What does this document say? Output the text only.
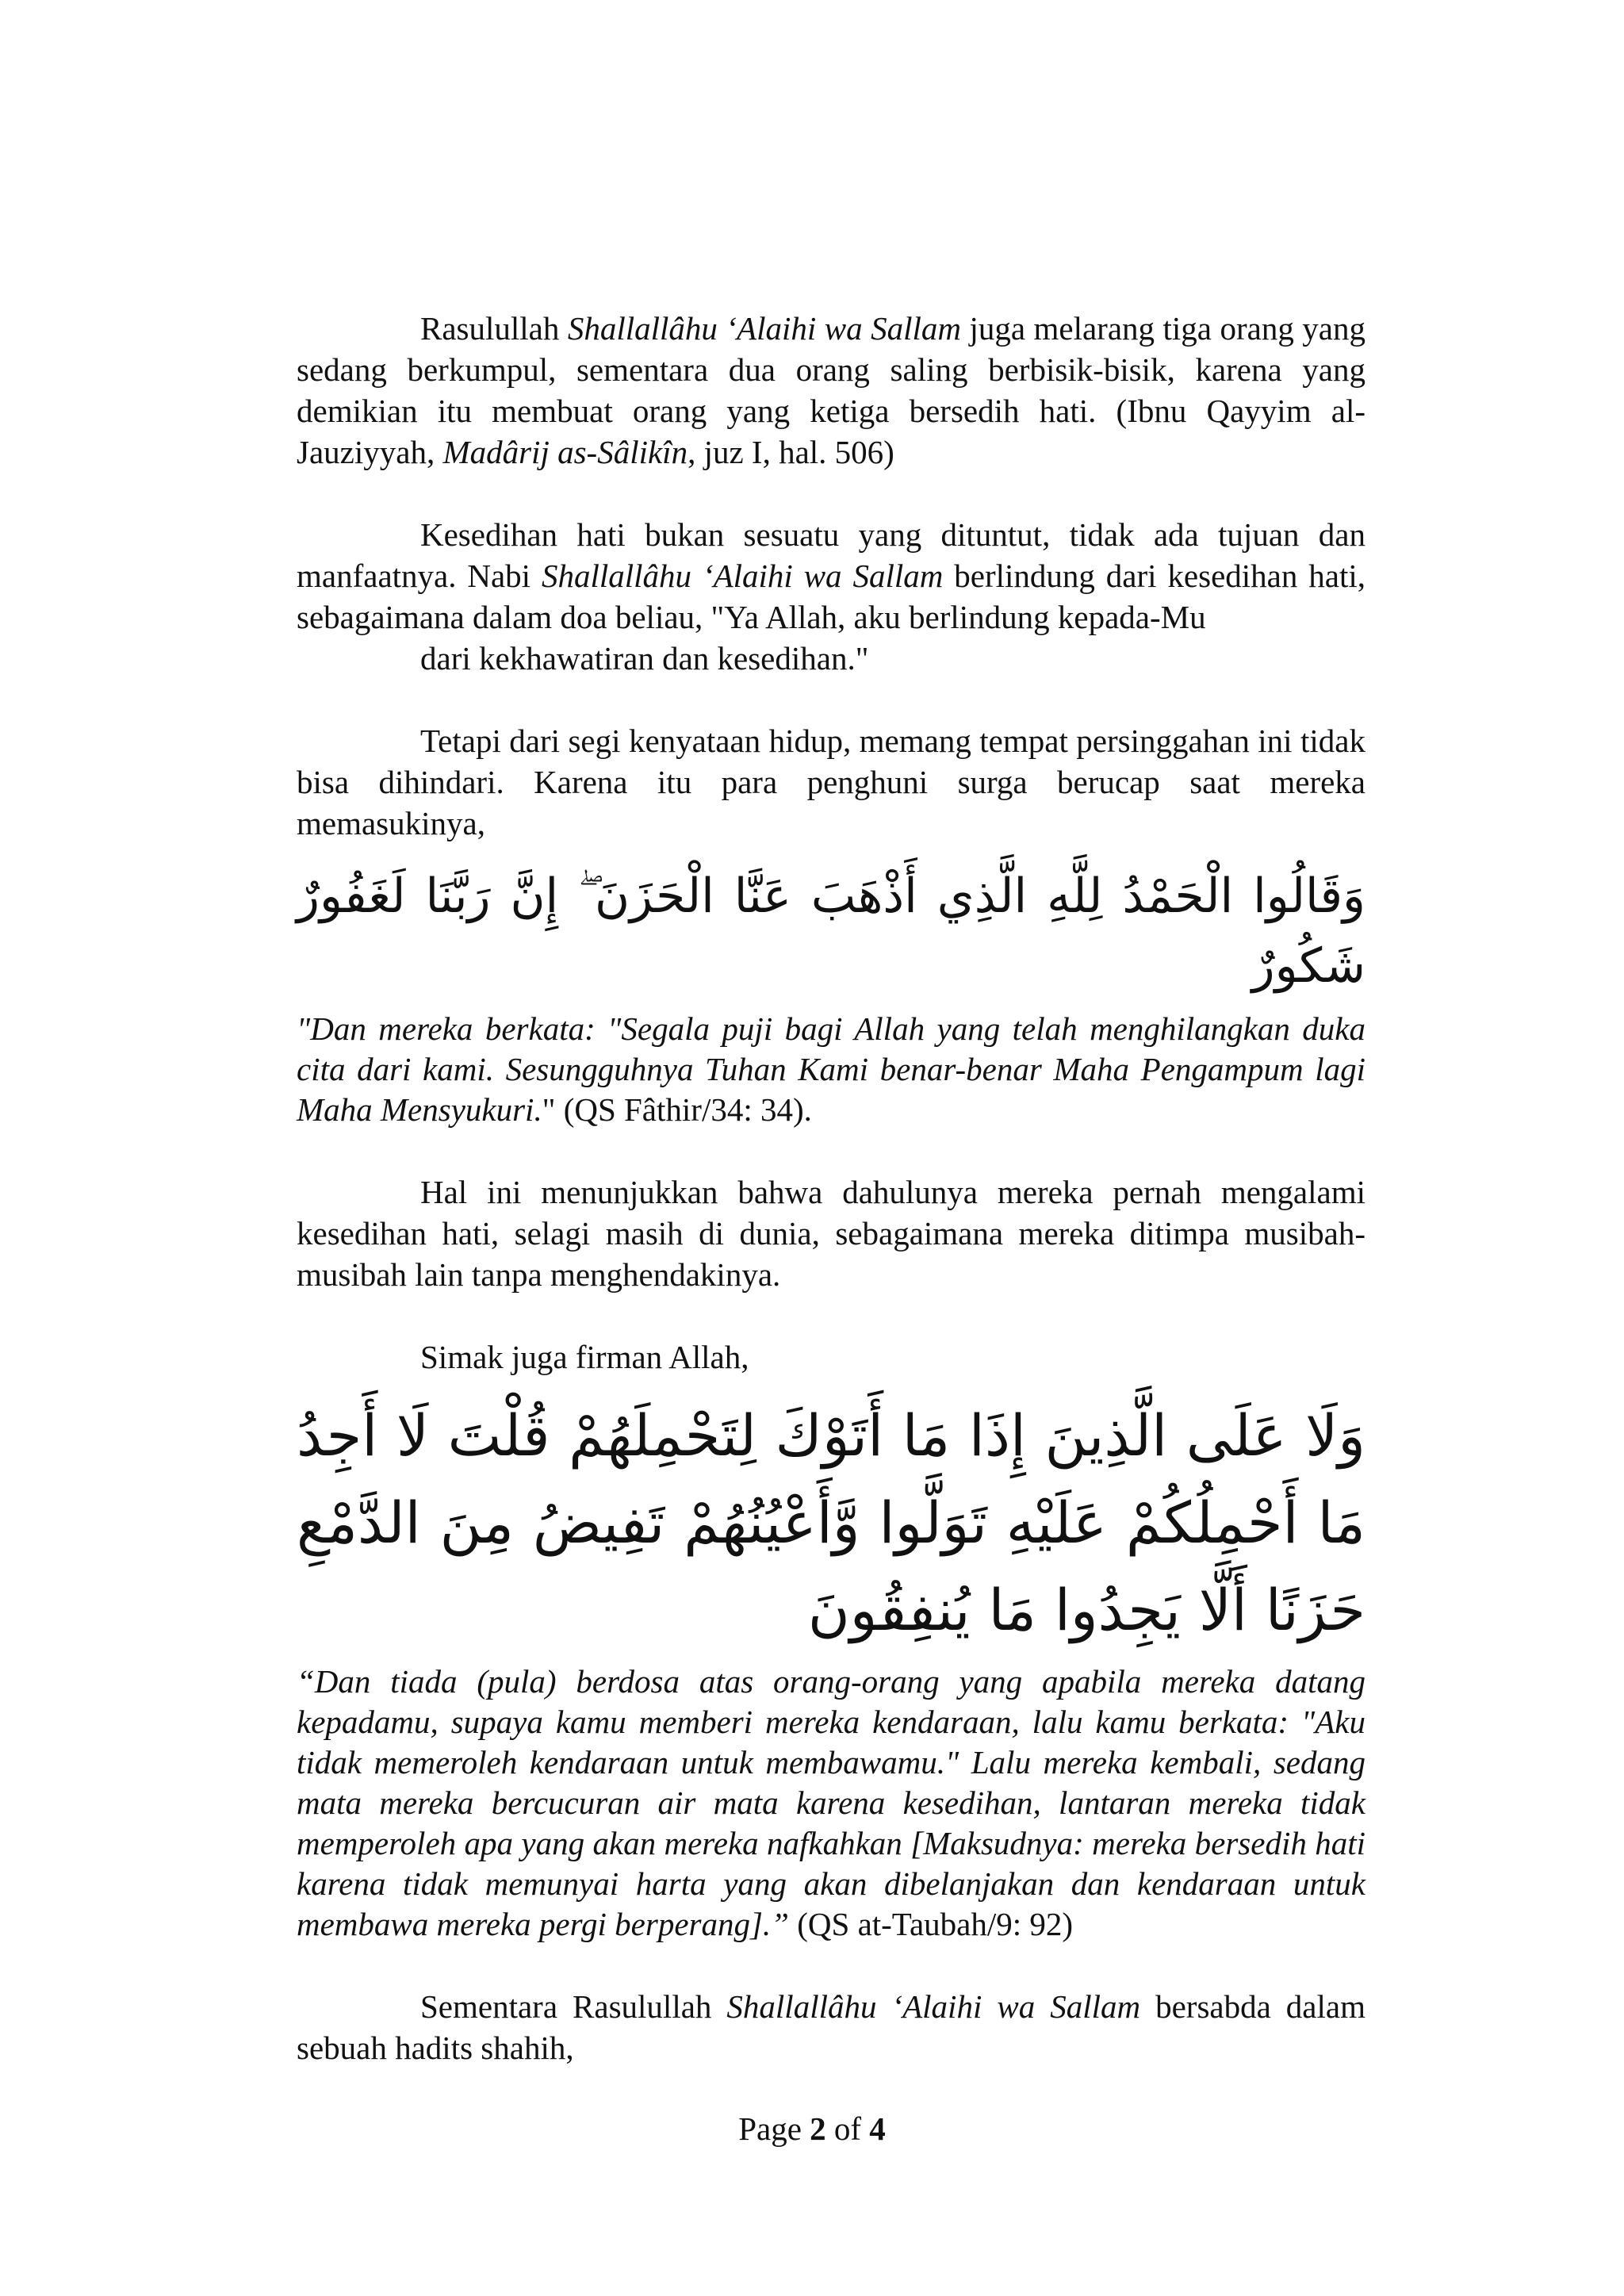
Rasulullah Shallallâhu ‘Alaihi wa Sallam juga melarang tiga orang yang sedang berkumpul, sementara dua orang saling berbisik-bisik, karena yang demikian itu membuat orang yang ketiga bersedih hati. (Ibnu Qayyim al-Jauziyyah, Madârij as-Sâlikîn, juz I, hal. 506)

Kesedihan hati bukan sesuatu yang dituntut, tidak ada tujuan dan manfaatnya. Nabi Shallallâhu ‘Alaihi wa Sallam berlindung dari kesedihan hati, sebagaimana dalam doa beliau, "Ya Allah, aku berlindung kepada-Mu
dari kekhawatiran dan kesedihan."

Tetapi dari segi kenyataan hidup, memang tempat persinggahan ini tidak bisa dihindari. Karena itu para penghuni surga berucap saat mereka memasukinya,

وَقَالُوا الْحَمْدُ لِلَّهِ الَّذِي أَذْهَبَ عَنَّا الْحَزَنَ ۖ إِنَّ رَبَّنَا لَغَفُورٌ شَكُورٌ

"Dan mereka berkata: "Segala puji bagi Allah yang telah menghilangkan duka cita dari kami. Sesungguhnya Tuhan Kami benar-benar Maha Pengampum lagi Maha Mensyukuri." (QS Fâthir/34: 34).

Hal ini menunjukkan bahwa dahulunya mereka pernah mengalami kesedihan hati, selagi masih di dunia, sebagaimana mereka ditimpa musibah-musibah lain tanpa menghendakinya.

Simak juga firman Allah,

وَلَا عَلَى الَّذِينَ إِذَا مَا أَتَوْكَ لِتَحْمِلَهُمْ قُلْتَ لَا أَجِدُ مَا أَحْمِلُكُمْ عَلَيْهِ تَوَلَّوا وَّأَعْيُنُهُمْ تَفِيضُ مِنَ الدَّمْعِ حَزَنًا أَلَّا يَجِدُوا مَا يُنفِقُونَ

“Dan tiada (pula) berdosa atas orang-orang yang apabila mereka datang kepadamu, supaya kamu memberi mereka kendaraan, lalu kamu berkata: "Aku tidak memeroleh kendaraan untuk membawamu." Lalu mereka kembali, sedang mata mereka bercucuran air mata karena kesedihan, lantaran mereka tidak memperoleh apa yang akan mereka nafkahkan [Maksudnya: mereka bersedih hati karena tidak memunyai harta yang akan dibelanjakan dan kendaraan untuk membawa mereka pergi berperang].” (QS at-Taubah/9: 92)

Sementara Rasulullah Shallallâhu ‘Alaihi wa Sallam bersabda dalam sebuah hadits shahih,

Page 2 of 4
